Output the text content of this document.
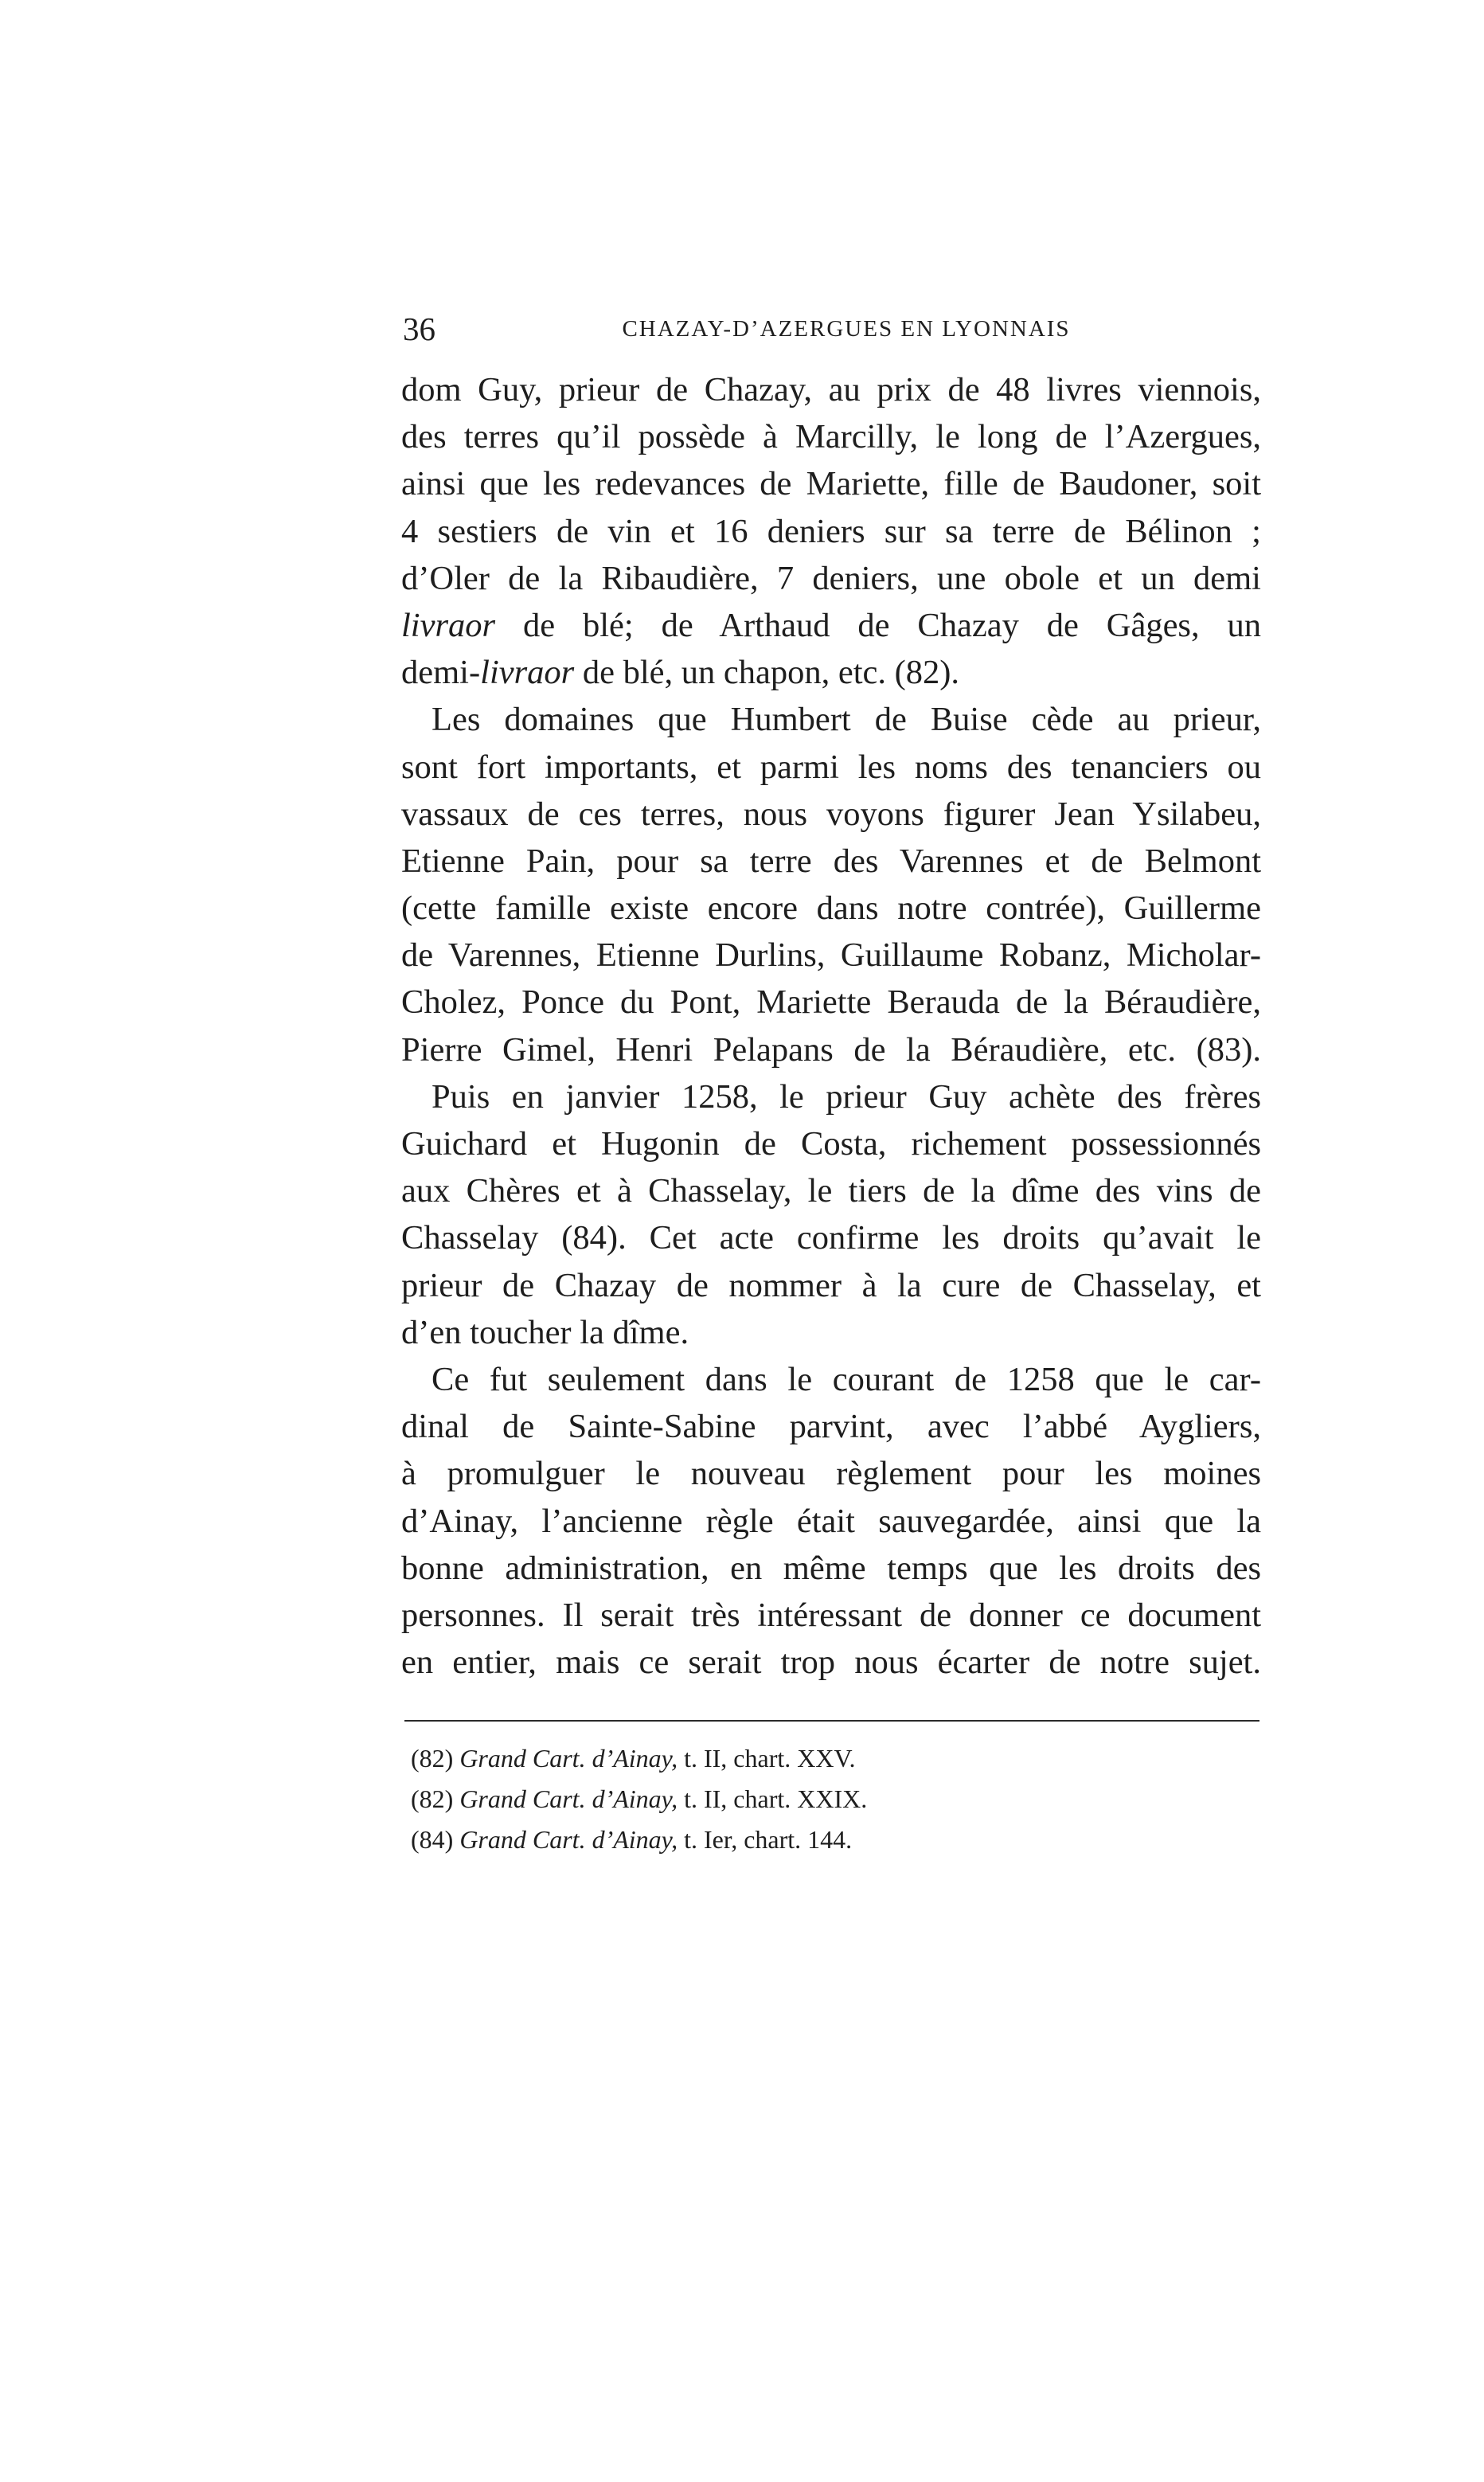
36	CHAZAY-D’AZERGUES EN LYONNAIS
dom Guy, prieur de Chazay, au prix de 48 livres viennois,
des terres qu’il possède à Marcilly, le long de l’Azergues,
ainsi que les redevances de Mariette, fille de Baudoner, soit
4 sestiers de vin et 16 deniers sur sa terre de Bélinon ;
d’Oler de la Ribaudière, 7 deniers, une obole et un demi
livraor de blé; de Arthaud de Chazay de Gâges, un
demi-livraor de blé, un chapon, etc. (82).
Les domaines que Humbert de Buise cède au prieur,
sont fort importants, et parmi les noms des tenanciers ou
vassaux de ces terres, nous voyons figurer Jean Ysilabeu,
Etienne Pain, pour sa terre des Varennes et de Belmont
(cette famille existe encore dans notre contrée), Guillerme
de Varennes, Etienne Durlins, Guillaume Robanz, Micholar-
Cholez, Ponce du Pont, Mariette Berauda de la Béraudière,
Pierre Gimel, Henri Pelapans de la Béraudière, etc. (83).
Puis en janvier 1258, le prieur Guy achète des frères
Guichard et Hugonin de Costa, richement possessionnés
aux Chères et à Chasselay, le tiers de la dîme des vins de
Chasselay (84). Cet acte confirme les droits qu’avait le
prieur de Chazay de nommer à la cure de Chasselay, et
d’en toucher la dîme.
Ce fut seulement dans le courant de 1258 que le car-
dinal de Sainte-Sabine parvint, avec l’abbé Aygliers,
à promulguer le nouveau règlement pour les moines
d’Ainay, l’ancienne règle était sauvegardée, ainsi que la
bonne administration, en même temps que les droits des
personnes. Il serait très intéressant de donner ce document
en entier, mais ce serait trop nous écarter de notre sujet.
(82) Grand Cart. d’Ainay, t. II, chart. XXV.
(82) Grand Cart. d’Ainay, t. II, chart. XXIX.
(84) Grand Cart. d’Ainay, t. Ier, chart. 144.
